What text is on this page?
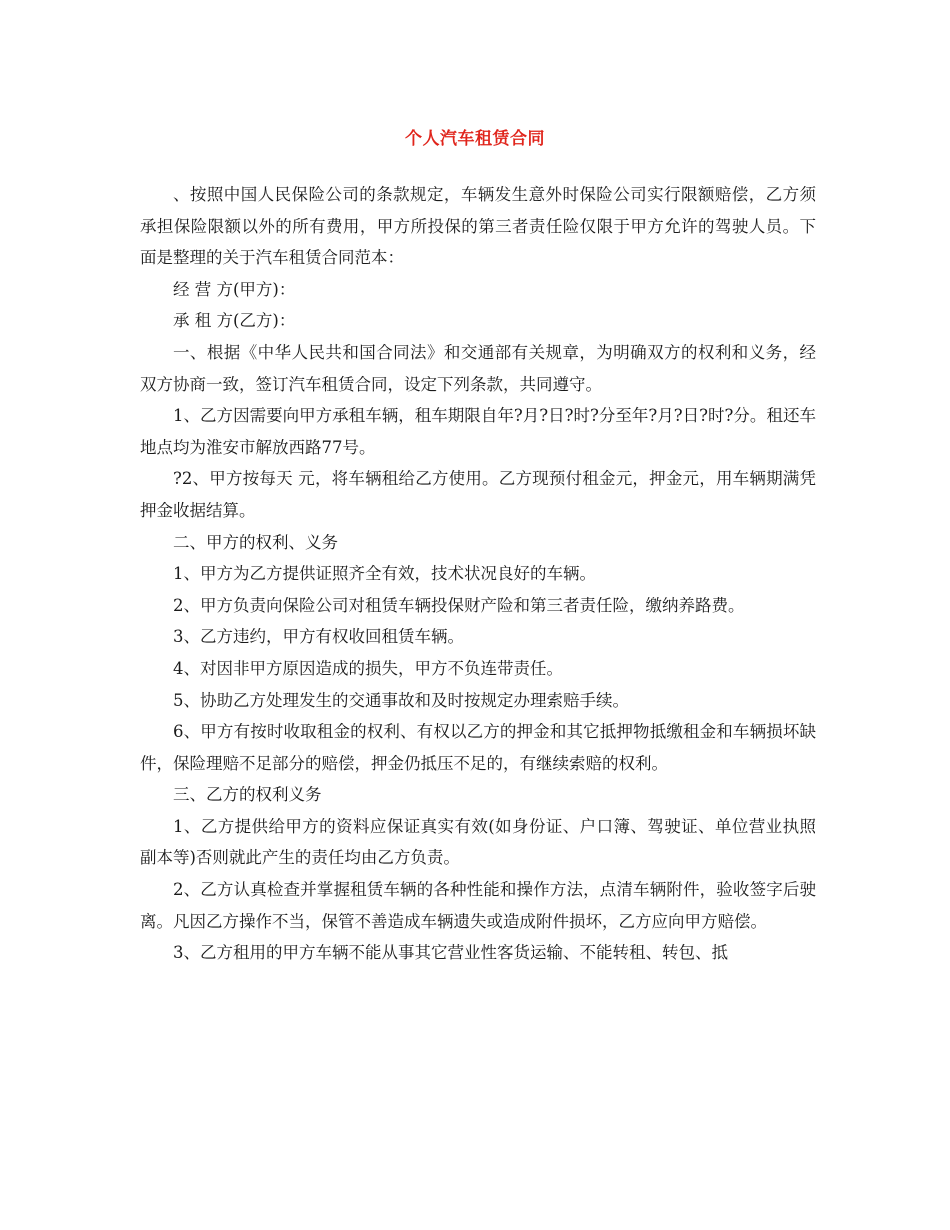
个人汽车租赁合同

、按照中国人民保险公司的条款规定，车辆发生意外时保险公司实行限额赔偿，乙方须承担保险限额以外的所有费用，甲方所投保的第三者责任险仅限于甲方允许的驾驶人员。下面是整理的关于汽车租赁合同范本：

经 营 方(甲方)：

承 租 方(乙方)：

一、根据《中华人民共和国合同法》和交通部有关规章，为明确双方的权利和义务，经双方协商一致，签订汽车租赁合同，设定下列条款，共同遵守。

1、乙方因需要向甲方承租车辆，租车期限自年?月?日?时?分至年?月?日?时?分。租还车地点均为淮安市解放西路77号。

?2、甲方按每天 元，将车辆租给乙方使用。乙方现预付租金元，押金元，用车辆期满凭押金收据结算。

二、甲方的权利、义务

1、甲方为乙方提供证照齐全有效，技术状况良好的车辆。

2、甲方负责向保险公司对租赁车辆投保财产险和第三者责任险，缴纳养路费。

3、乙方违约，甲方有权收回租赁车辆。

4、对因非甲方原因造成的损失，甲方不负连带责任。

5、协助乙方处理发生的交通事故和及时按规定办理索赔手续。

6、甲方有按时收取租金的权利、有权以乙方的押金和其它抵押物抵缴租金和车辆损坏缺件，保险理赔不足部分的赔偿，押金仍抵压不足的，有继续索赔的权利。

三、乙方的权利义务

1、乙方提供给甲方的资料应保证真实有效(如身份证、户口簿、驾驶证、单位营业执照副本等)否则就此产生的责任均由乙方负责。

2、乙方认真检查并掌握租赁车辆的各种性能和操作方法，点清车辆附件，验收签字后驶离。凡因乙方操作不当，保管不善造成车辆遗失或造成附件损坏，乙方应向甲方赔偿。

3、乙方租用的甲方车辆不能从事其它营业性客货运输、不能转租、转包、抵
